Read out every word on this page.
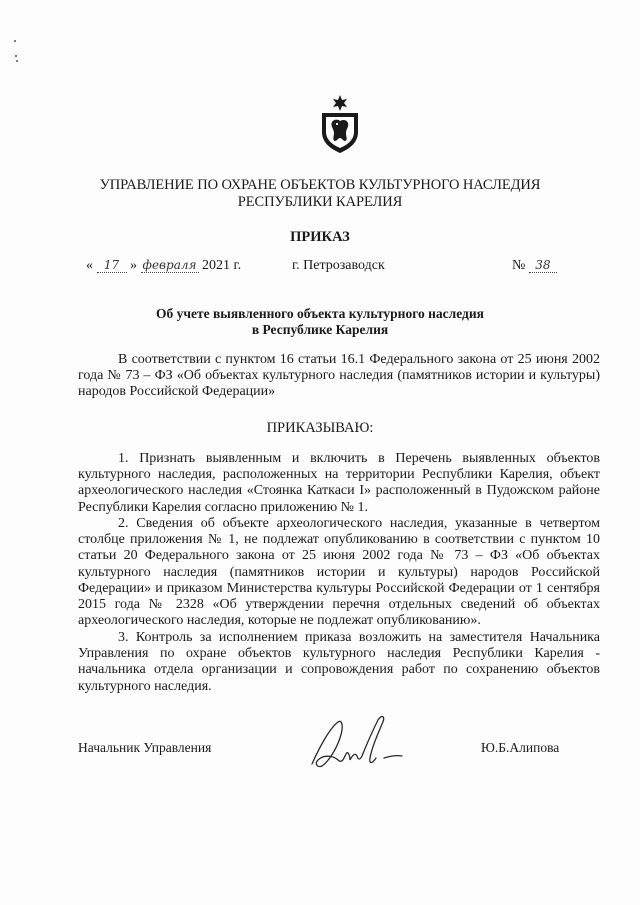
УПРАВЛЕНИЕ ПО ОХРАНЕ ОБЪЕКТОВ КУЛЬТУРНОГО НАСЛЕДИЯ
РЕСПУБЛИКИ КАРЕЛИЯ
ПРИКАЗ
« 17 » февраля 2021 г.	г. Петрозаводск	№ 38
Об учете выявленного объекта культурного наследия
в Республике Карелия

В соответствии с пунктом 16 статьи 16.1 Федерального закона от 25 июня 2002 года № 73 – ФЗ «Об объектах культурного наследия (памятников истории и культуры) народов Российской Федерации»

ПРИКАЗЫВАЮ:

1. Признать выявленным и включить в Перечень выявленных объектов культурного наследия, расположенных на территории Республики Карелия, объект археологического наследия «Стоянка Каткаси I» расположенный в Пудожском районе Республики Карелия согласно приложению № 1.

2. Сведения об объекте археологического наследия, указанные в четвертом столбце приложения № 1, не подлежат опубликованию в соответствии с пунктом 10 статьи 20 Федерального закона от 25 июня 2002 года № 73 – ФЗ «Об объектах культурного наследия (памятников истории и культуры) народов Российской Федерации» и приказом Министерства культуры Российской Федерации от 1 сентября 2015 года № 2328 «Об утверждении перечня отдельных сведений об объектах археологического наследия, которые не подлежат опубликованию».

3. Контроль за исполнением приказа возложить на заместителя Начальника Управления по охране объектов культурного наследия Республики Карелия - начальника отдела организации и сопровождения работ по сохранению объектов культурного наследия.

Начальник Управления	Ю.Б.Алипова
